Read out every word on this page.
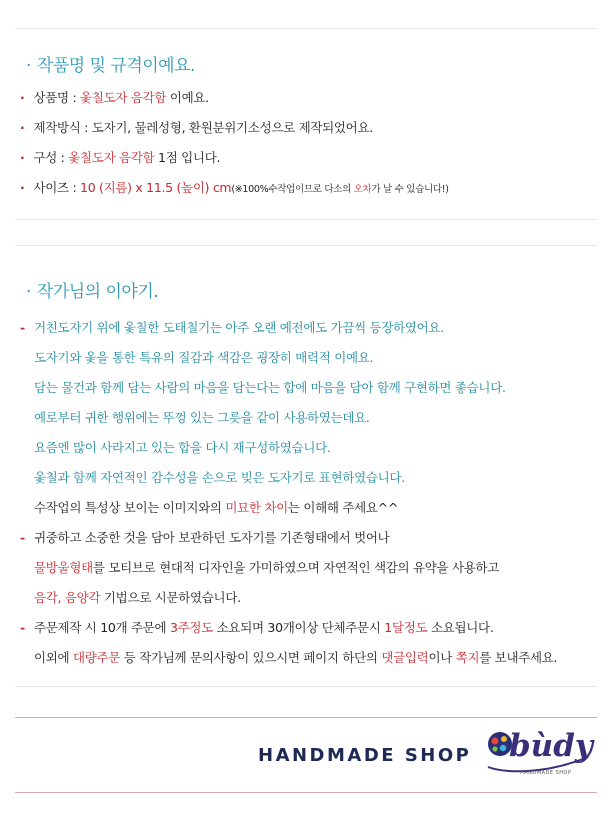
· 작품명 및 규격이예요.
· 상품명 : 옻칠도자 음각함 이예요.
· 제작방식 : 도자기, 물레성형, 환원분위기소성으로 제작되었어요.
· 구성 : 옻칠도자 음각함 1점 입니다.
· 사이즈 : 10 (지름) x 11.5 (높이) cm(※100%수작업이므로 다소의 오차가 날 수 있습니다!)
· 작가님의 이야기.
- 거친도자기 위에 옻칠한 도태칠기는 아주 오랜 예전에도 가끔씩 등장하였어요.
도자기와 옻을 통한 특유의 질감과 색감은 굉장히 매력적 이예요.
담는 물건과 함께 담는 사람의 마음을 담는다는 합에 마음을 담아 함께 구현하면 좋습니다.
예로부터 귀한 행위에는 뚜껑 있는 그릇을 같이 사용하였는데요.
요즘엔 많이 사라지고 있는 합을 다시 재구성하였습니다.
옻칠과 함께 자연적인 감수성을 손으로 빚은 도자기로 표현하였습니다.
수작업의 특성상 보이는 이미지와의 미묘한 차이는 이해해 주세요^^
- 귀중하고 소중한 것을 담아 보관하던 도자기를 기존형태에서 벗어나
물방울형태를 모티브로 현대적 디자인을 가미하였으며 자연적인 색감의 유약을 사용하고
음각, 음양각 기법으로 시문하였습니다.
- 주문제작 시 10개 주문에 3주정도 소요되며 30개이상 단체주문시 1달정도 소요됩니다.
이외에 대량주문 등 작가님께 문의사항이 있으시면 페이지 하단의 댓글입력이나 쪽지를 보내주세요.
HANDMADE SHOP bùdy
HANDMADE SHOP
